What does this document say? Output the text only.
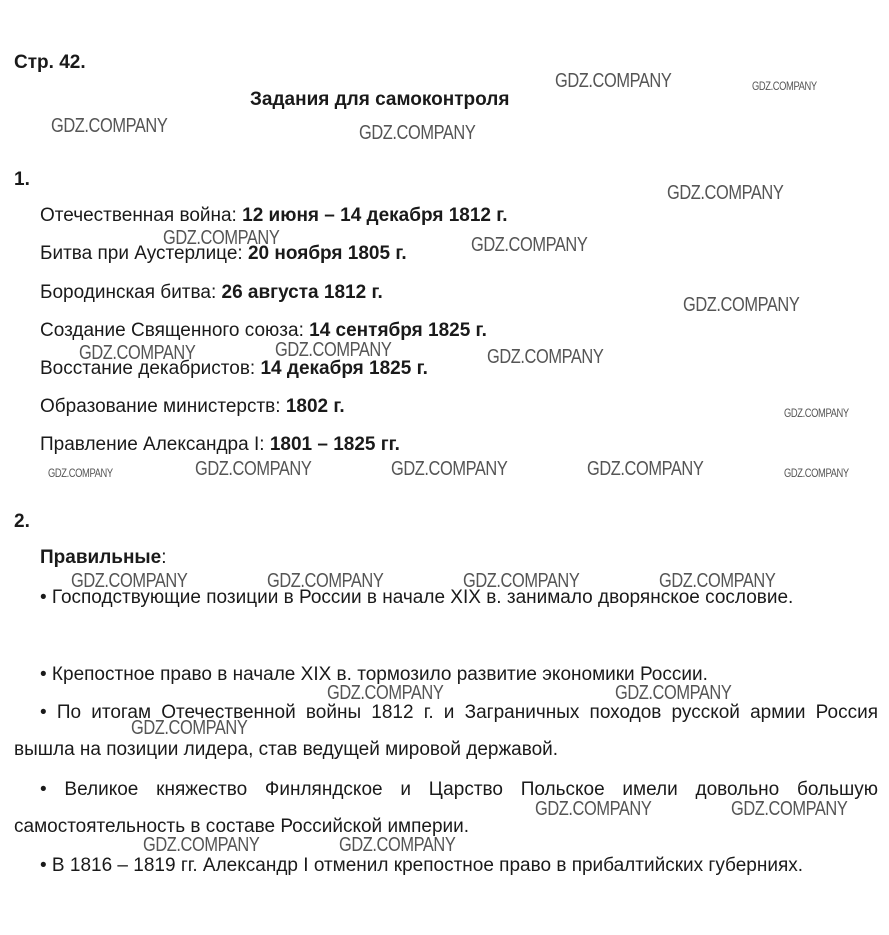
Стр. 42.
Задания для самоконтроля
1.
Отечественная война: 12 июня – 14 декабря 1812 г.
Битва при Аустерлице: 20 ноября 1805 г.
Бородинская битва: 26 августа 1812 г.
Создание Священного союза: 14 сентября 1825 г.
Восстание декабристов: 14 декабря 1825 г.
Образование министерств: 1802 г.
Правление Александра I: 1801 – 1825 гг.
2.
Правильные:

• Господствующие позиции в России в начале XIX в. занимало дворянское сословие.

• Крепостное право в начале XIX в. тормозило развитие экономики России.

• По итогам Отечественной войны 1812 г. и Заграничных походов русской армии Россия вышла на позиции лидера, став ведущей мировой державой.

• Великое княжество Финляндское и Царство Польское имели довольно большую самостоятельность в составе Российской империи.

• В 1816 – 1819 гг. Александр I отменил крепостное право в прибалтийских губерниях.

GDZ.COMPANY	GDZ.COMPANY
GDZ.COMPANY	GDZ.COMPANY
GDZ.COMPANY
GDZ.COMPANY	GDZ.COMPANY
GDZ.COMPANY
GDZ.COMPANY	GDZ.COMPANY	GDZ.COMPANY
GDZ.COMPANY
GDZ.COMPANY	GDZ.COMPANY	GDZ.COMPANY	GDZ.COMPANY	GDZ.COMPANY
GDZ.COMPANY	GDZ.COMPANY	GDZ.COMPANY	GDZ.COMPANY
GDZ.COMPANY	GDZ.COMPANY
GDZ.COMPANY
GDZ.COMPANY	GDZ.COMPANY
GDZ.COMPANY	GDZ.COMPANY
